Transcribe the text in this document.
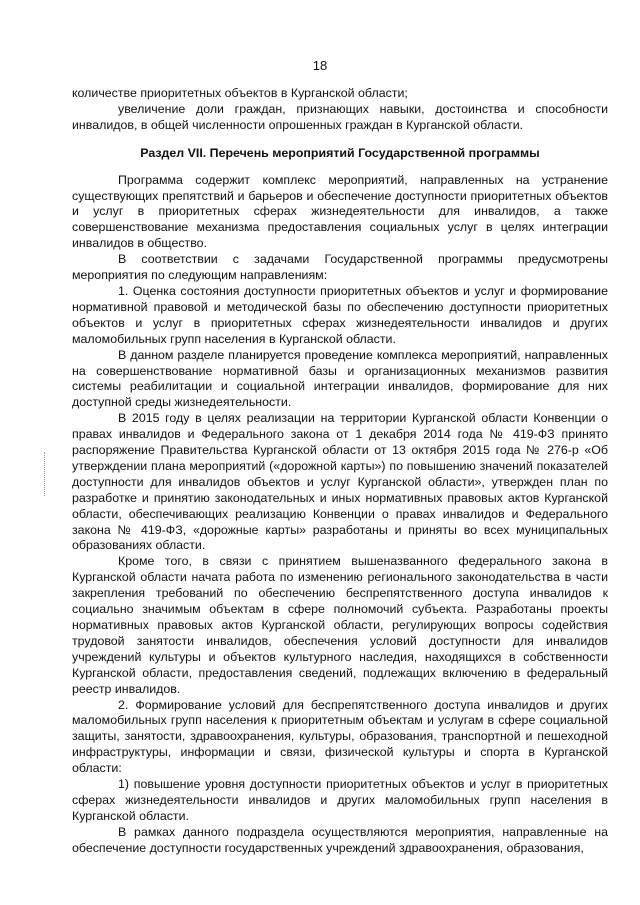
18

количестве приоритетных объектов в Курганской области;

увеличение доли граждан, признающих навыки, достоинства и способности инвалидов, в общей численности опрошенных граждан в Курганской области.

Раздел VII. Перечень мероприятий Государственной программы

Программа содержит комплекс мероприятий, направленных на устранение существующих препятствий и барьеров и обеспечение доступности приоритетных объектов и услуг в приоритетных сферах жизнедеятельности для инвалидов, а также совершенствование механизма предоставления социальных услуг в целях интеграции инвалидов в общество.

В соответствии с задачами Государственной программы предусмотрены мероприятия по следующим направлениям:

1. Оценка состояния доступности приоритетных объектов и услуг и формирование нормативной правовой и методической базы по обеспечению доступности приоритетных объектов и услуг в приоритетных сферах жизнедеятельности инвалидов и других маломобильных групп населения в Курганской области.

В данном разделе планируется проведение комплекса мероприятий, направленных на совершенствование нормативной базы и организационных механизмов развития системы реабилитации и социальной интеграции инвалидов, формирование для них доступной среды жизнедеятельности.

В 2015 году в целях реализации на территории Курганской области Конвенции о правах инвалидов и Федерального закона от 1 декабря 2014 года № 419-ФЗ принято распоряжение Правительства Курганской области от 13 октября 2015 года № 276-р «Об утверждении плана мероприятий («дорожной карты») по повышению значений показателей доступности для инвалидов объектов и услуг Курганской области», утвержден план по разработке и принятию законодательных и иных нормативных правовых актов Курганской области, обеспечивающих реализацию Конвенции о правах инвалидов и Федерального закона № 419-ФЗ, «дорожные карты» разработаны и приняты во всех муниципальных образованиях области.

Кроме того, в связи с принятием вышеназванного федерального закона в Курганской области начата работа по изменению регионального законодательства в части закрепления требований по обеспечению беспрепятственного доступа инвалидов к социально значимым объектам в сфере полномочий субъекта. Разработаны проекты нормативных правовых актов Курганской области, регулирующих вопросы содействия трудовой занятости инвалидов, обеспечения условий доступности для инвалидов учреждений культуры и объектов культурного наследия, находящихся в собственности Курганской области, предоставления сведений, подлежащих включению в федеральный реестр инвалидов.

2. Формирование условий для беспрепятственного доступа инвалидов и других маломобильных групп населения к приоритетным объектам и услугам в сфере социальной защиты, занятости, здравоохранения, культуры, образования, транспортной и пешеходной инфраструктуры, информации и связи, физической культуры и спорта в Курганской области:

1) повышение уровня доступности приоритетных объектов и услуг в приоритетных сферах жизнедеятельности инвалидов и других маломобильных групп населения в Курганской области.

В рамках данного подраздела осуществляются мероприятия, направленные на обеспечение доступности государственных учреждений здравоохранения, образования,
